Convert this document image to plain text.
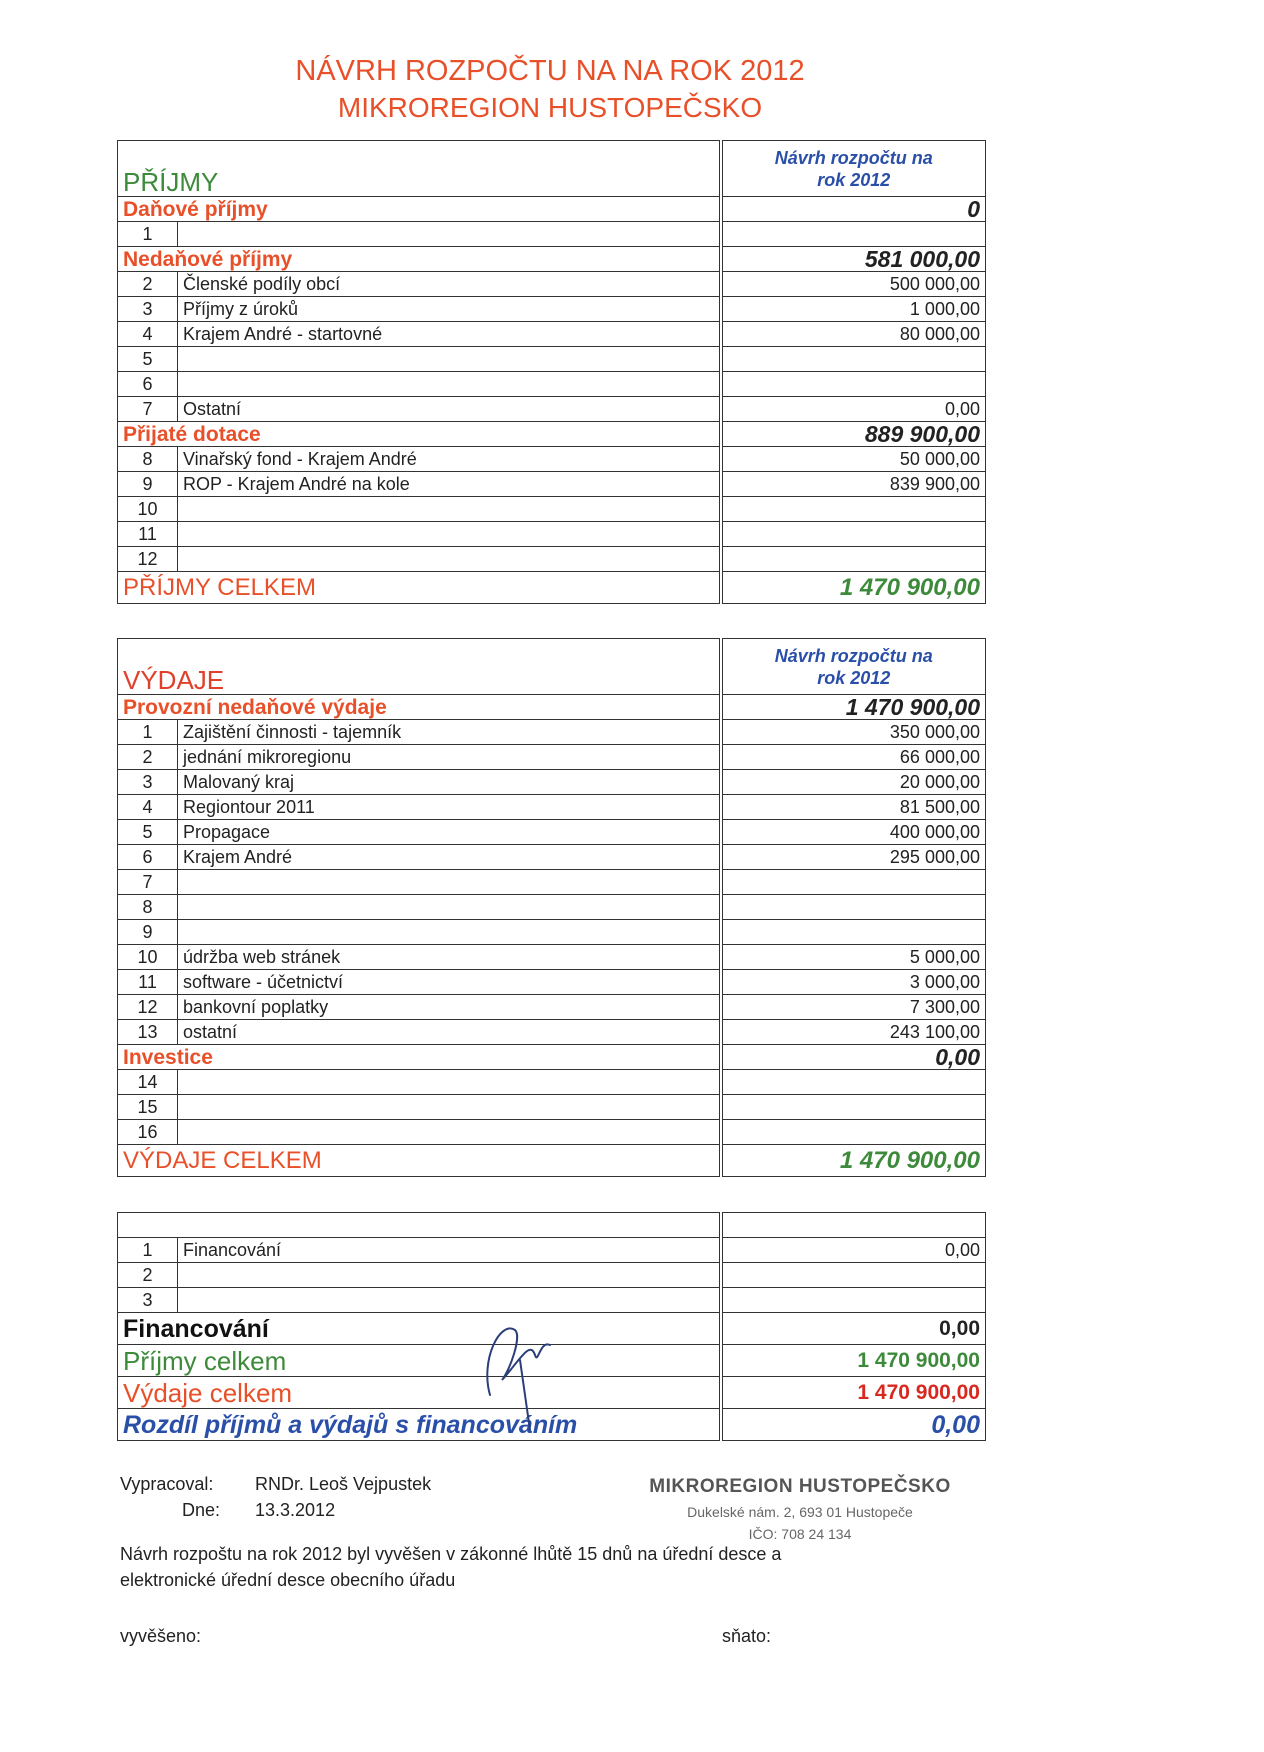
NÁVRH ROZPOČTU NA NA ROK 2012
MIKROREGION HUSTOPEČSKO
PŘÍJMY		Návrh rozpočtu na rok 2012

Daňové příjmy		0
1		
Nedaňové příjmy		581 000,00
2	Členské podíly obcí	500 000,00
3	Příjmy z úroků	1 000,00
4	Krajem André - startovné	80 000,00
5		
6		
7	Ostatní	0,00
Přijaté dotace		889 900,00
8	Vinařský fond - Krajem André	50 000,00
9	ROP - Krajem André na kole	839 900,00
10		
11		
12		
PŘÍJMY CELKEM		1 470 900,00
VÝDAJE		Návrh rozpočtu na rok 2012

Provozní nedaňové výdaje		1 470 900,00
1	Zajištění činnosti - tajemník	350 000,00
2	jednání mikroregionu	66 000,00
3	Malovaný kraj	20 000,00
4	Regiontour 2011	81 500,00
5	Propagace	400 000,00
6	Krajem André	295 000,00
7		
8		
9		
10	údržba web stránek	5 000,00
11	software - účetnictví	3 000,00
12	bankovní poplatky	7 300,00
13	ostatní	243 100,00
Investice		0,00
14		
15		
16		
VÝDAJE CELKEM		1 470 900,00

1	Financování	0,00
2		
3		
Financování		0,00
Příjmy celkem		1 470 900,00
Výdaje celkem		1 470 900,00
Rozdíl příjmů a výdajů s financováním		0,00
Vypracoval: RNDr. Leoš Vejpustek
Dne: 13.3.2012
MIKROREGION HUSTOPEČSKO
Dukelské nám. 2, 693 01 Hustopeče
IČO: 708 24 134
Návrh rozpoštu na rok 2012 byl vyvěšen v zákonné lhůtě 15 dnů na úřední desce a
elektronické úřední desce obecního úřadu
vyvěšeno:	sňato:
